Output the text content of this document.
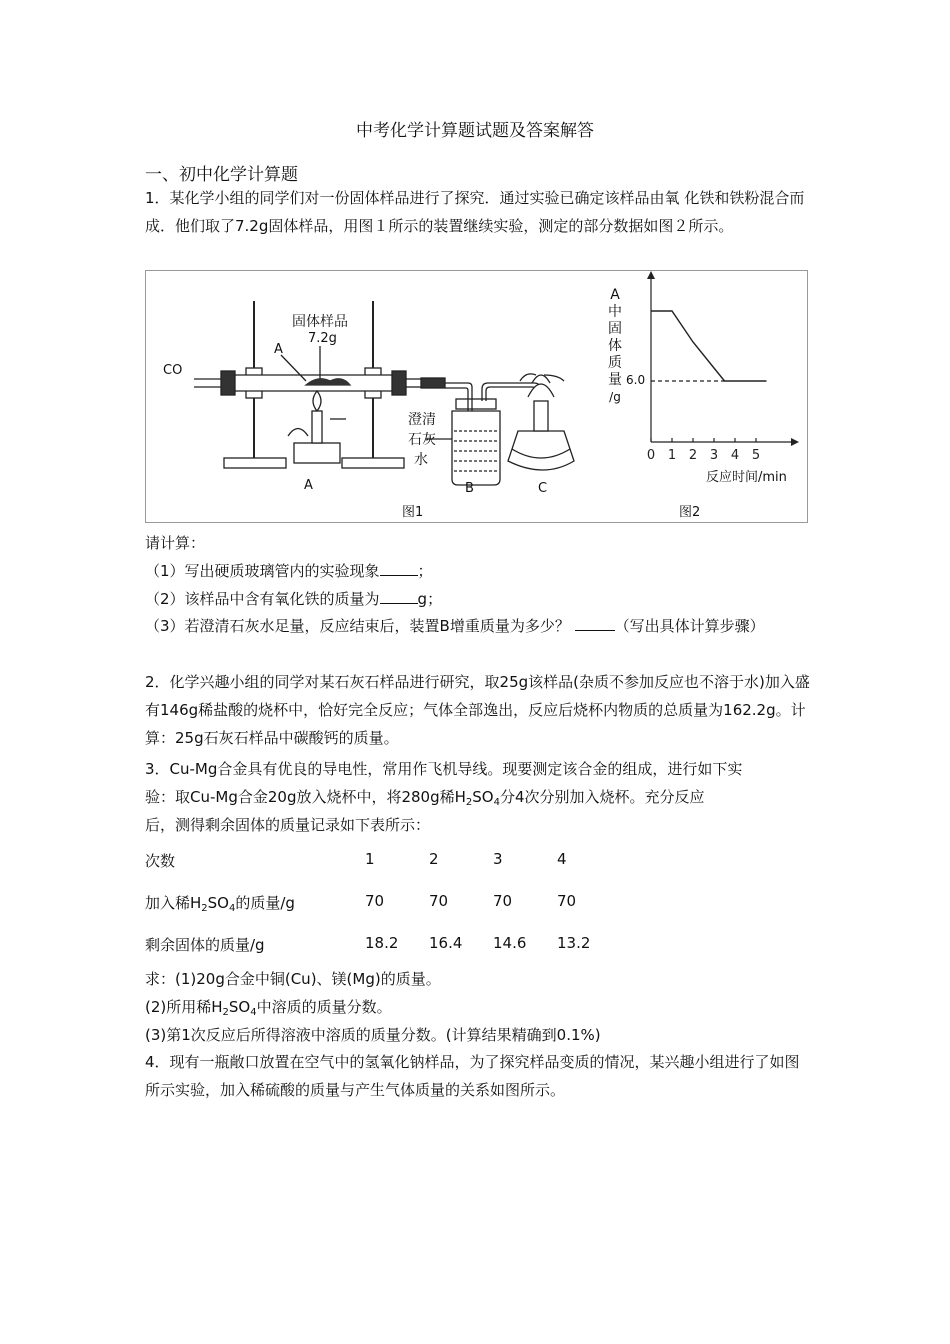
中考化学计算题试题及答案解答
一、初中化学计算题
1．某化学小组的同学们对一份固体样品进行了探究．通过实验已确定该样品由氧 化铁和铁粉混合而成．他们取了7.2g固体样品，用图１所示的装置继续实验，测定的部分数据如图２所示。
0 1 2 3 4 5
固体样品
7.2g
A
CO
澄清
石灰
水
A	B	C
图1
A
中
固
体
质
量
/g
6.0
反应时间/min
图2
请计算：
（1）写出硬质玻璃管内的实验现象	；
（2）该样品中含有氧化铁的质量为	g；
（3）若澄清石灰水足量，反应结束后，装置B增重质量为多少？	（写出具体计算步骤）
2．化学兴趣小组的同学对某石灰石样品进行研究，取25g该样品(杂质不参加反应也不溶于水)加入盛有146g稀盐酸的烧杯中，恰好完全反应；气体全部逸出，反应后烧杯内物质的总质量为162.2g。计算：25g石灰石样品中碳酸钙的质量。
3．Cu-Mg合金具有优良的导电性，常用作飞机导线。现要测定该合金的组成，进行如下实
验：取Cu-Mg合金20g放入烧杯中，将280g稀$H_2SO_4$分4次分别加入烧杯。充分反应
后，测得剩余固体的质量记录如下表所示：
次数	1	2	3	4
加入稀$H_2SO_4$的质量/g	70	70	70	70
剩余固体的质量/g	18.2 16.4 14.6 13.2
求：(1)20g合金中铜(Cu)、镁(Mg)的质量。
(2)所用稀$H_2SO_4$中溶质的质量分数。
(3)第1次反应后所得溶液中溶质的质量分数。(计算结果精确到0.1%)
4．现有一瓶敞口放置在空气中的氢氧化钠样品，为了探究样品变质的情况，某兴趣小组进行了如图所示实验，加入稀硫酸的质量与产生气体质量的关系如图所示。
